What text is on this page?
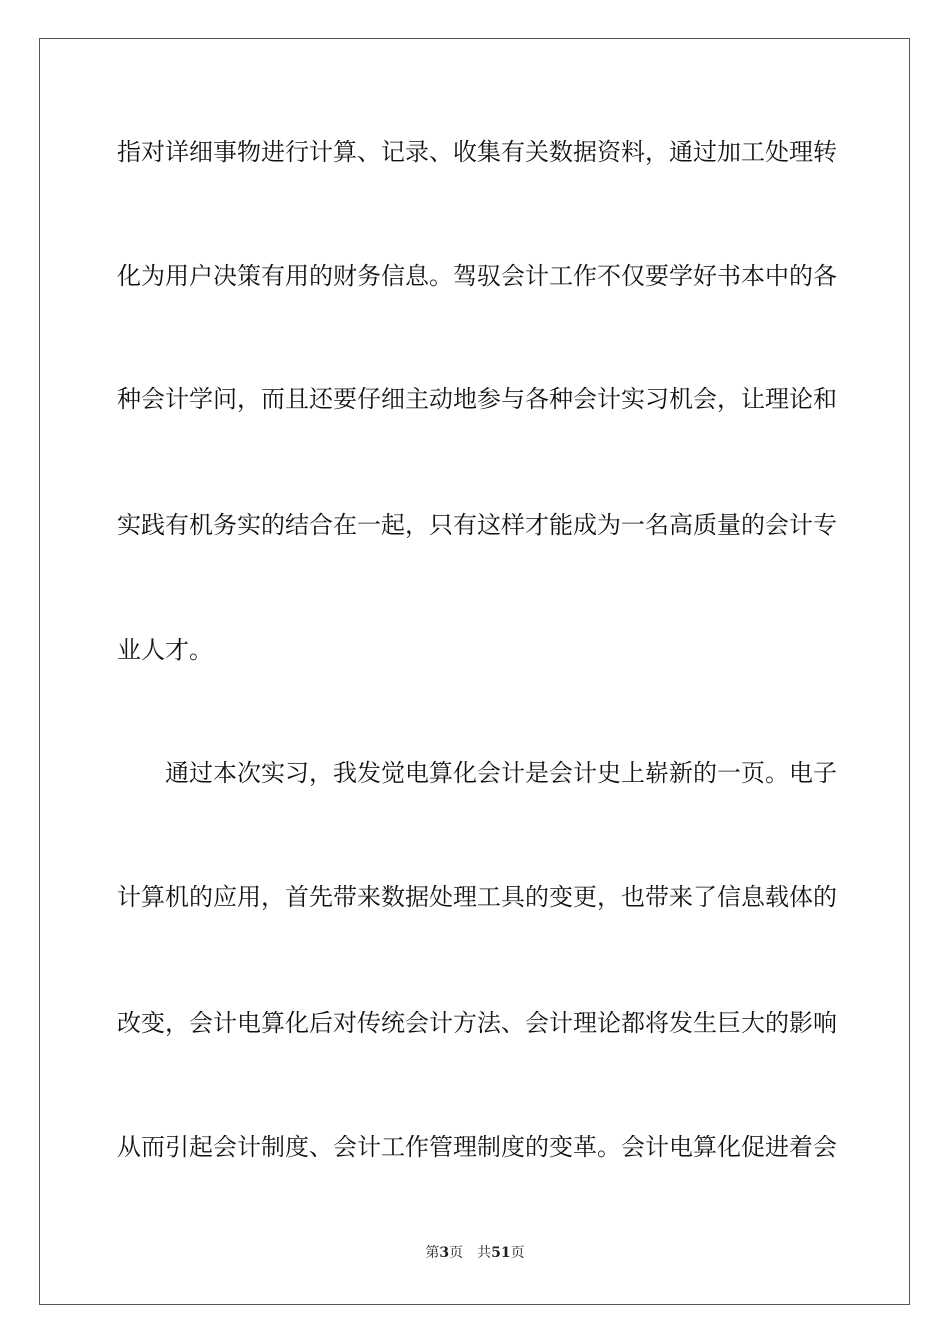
指对详细事物进行计算、记录、收集有关数据资料，通过加工处理转
化为用户决策有用的财务信息。驾驭会计工作不仅要学好书本中的各
种会计学问，而且还要仔细主动地参与各种会计实习机会，让理论和
实践有机务实的结合在一起，只有这样才能成为一名高质量的会计专
业人才。
通过本次实习，我发觉电算化会计是会计史上崭新的一页。电子
计算机的应用，首先带来数据处理工具的变更，也带来了信息载体的
改变，会计电算化后对传统会计方法、会计理论都将发生巨大的影响
从而引起会计制度、会计工作管理制度的变革。会计电算化促进着会
第3页 共51页
